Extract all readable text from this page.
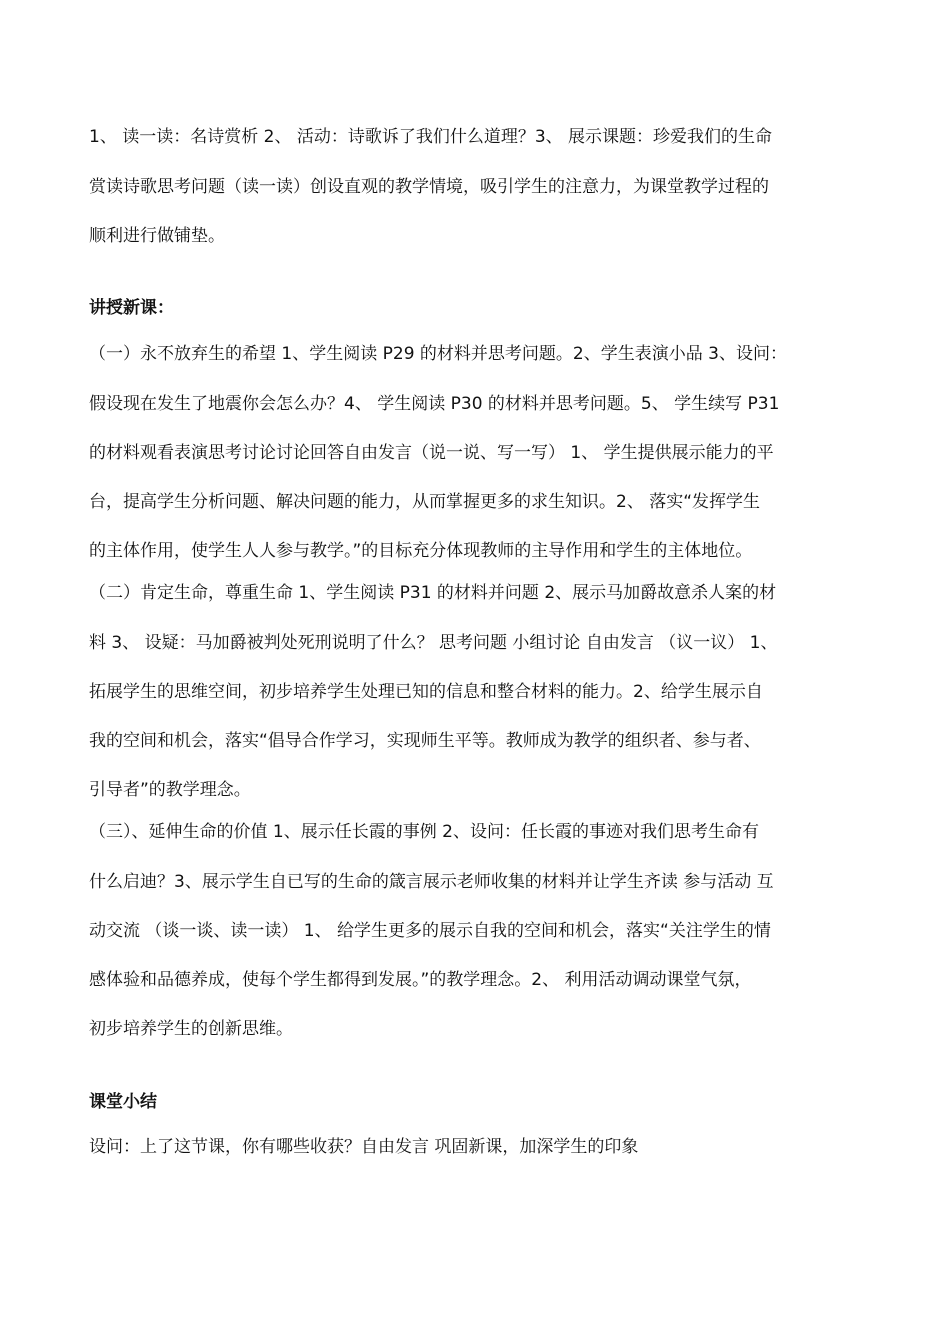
1、 读一读：名诗赏析 2、 活动：诗歌诉了我们什么道理？3、 展示课题：珍爱我们的生命
赏读诗歌思考问题（读一读）创设直观的教学情境，吸引学生的注意力，为课堂教学过程的
顺利进行做铺垫。
讲授新课：
（一）永不放弃生的希望 1、学生阅读 P29 的材料并思考问题。2、学生表演小品 3、设问：
假设现在发生了地震你会怎么办？4、 学生阅读 P30 的材料并思考问题。5、 学生续写 P31
的材料观看表演思考讨论讨论回答自由发言（说一说、写一写） 1、 学生提供展示能力的平
台，提高学生分析问题、解决问题的能力，从而掌握更多的求生知识。2、 落实“发挥学生
的主体作用，使学生人人参与教学。”的目标充分体现教师的主导作用和学生的主体地位。
（二）肯定生命，尊重生命 1、学生阅读 P31 的材料并问题 2、展示马加爵故意杀人案的材
料 3、 设疑：马加爵被判处死刑说明了什么？ 思考问题 小组讨论 自由发言 （议一议） 1、
拓展学生的思维空间，初步培养学生处理已知的信息和整合材料的能力。2、给学生展示自
我的空间和机会，落实“倡导合作学习，实现师生平等。教师成为教学的组织者、参与者、
引导者”的教学理念。
（三）、延伸生命的价值 1、展示任长霞的事例 2、设问：任长霞的事迹对我们思考生命有
什么启迪？3、展示学生自已写的生命的箴言展示老师收集的材料并让学生齐读 参与活动 互
动交流 （谈一谈、读一读） 1、 给学生更多的展示自我的空间和机会，落实“关注学生的情
感体验和品德养成，使每个学生都得到发展。”的教学理念。2、 利用活动调动课堂气氛，
初步培养学生的创新思维。
课堂小结
设问：上了这节课，你有哪些收获？自由发言 巩固新课，加深学生的印象
